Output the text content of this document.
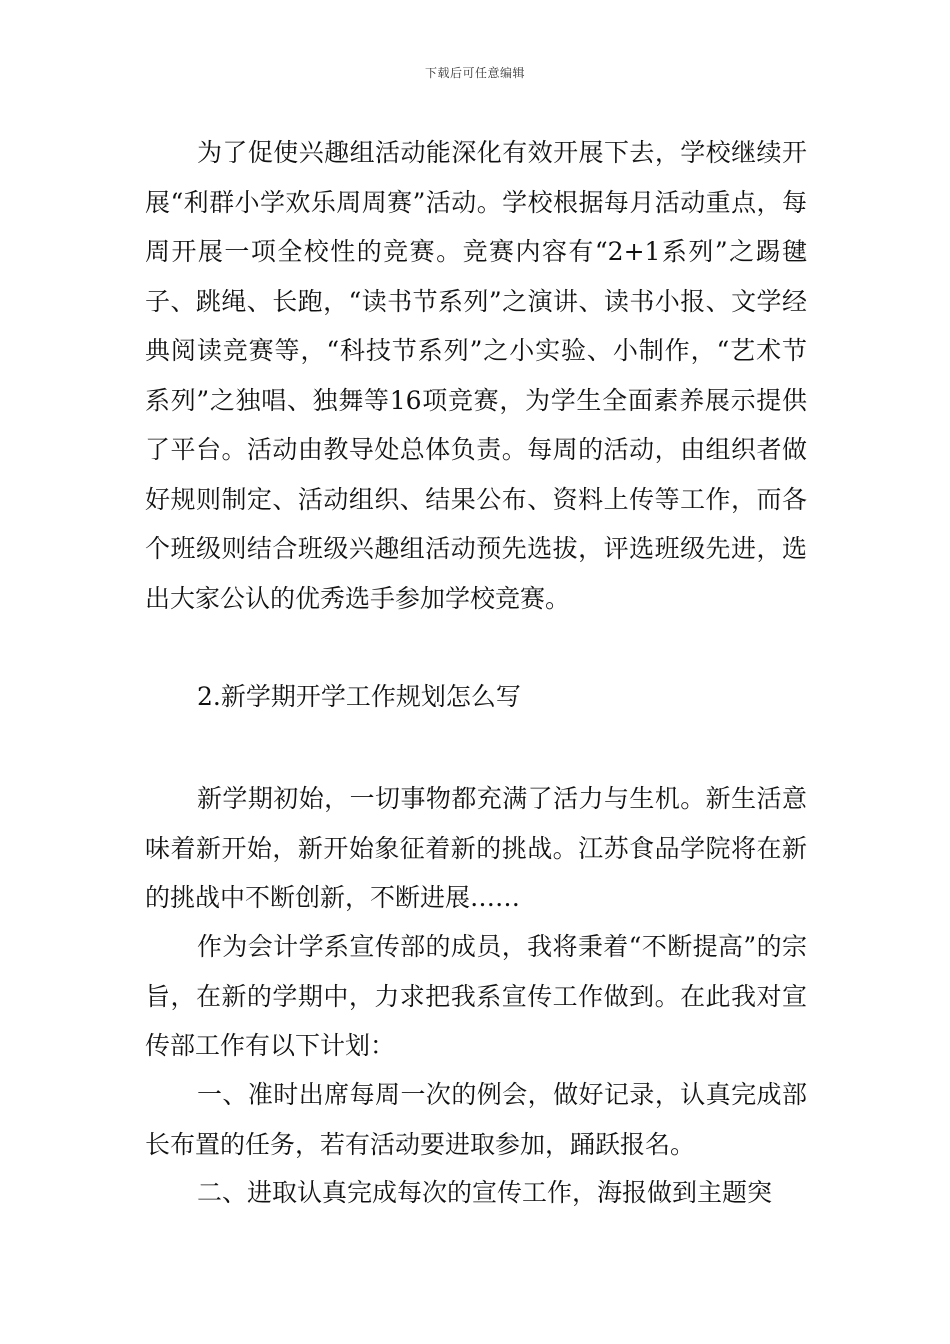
下载后可任意编辑

为了促使兴趣组活动能深化有效开展下去，学校继续开展“利群小学欢乐周周赛”活动。学校根据每月活动重点，每周开展一项全校性的竞赛。竞赛内容有“2+1系列”之踢毽子、跳绳、长跑，“读书节系列”之演讲、读书小报、文学经典阅读竞赛等，“科技节系列”之小实验、小制作，“艺术节系列”之独唱、独舞等16项竞赛，为学生全面素养展示提供了平台。活动由教导处总体负责。每周的活动，由组织者做好规则制定、活动组织、结果公布、资料上传等工作，而各个班级则结合班级兴趣组活动预先选拔，评选班级先进，选出大家公认的优秀选手参加学校竞赛。

2.新学期开学工作规划怎么写

新学期初始，一切事物都充满了活力与生机。新生活意味着新开始，新开始象征着新的挑战。江苏食品学院将在新的挑战中不断创新，不断进展……

作为会计学系宣传部的成员，我将秉着“不断提高”的宗旨，在新的学期中，力求把我系宣传工作做到。在此我对宣传部工作有以下计划：

一、准时出席每周一次的例会，做好记录，认真完成部长布置的任务，若有活动要进取参加，踊跃报名。

二、进取认真完成每次的宣传工作，海报做到主题突
